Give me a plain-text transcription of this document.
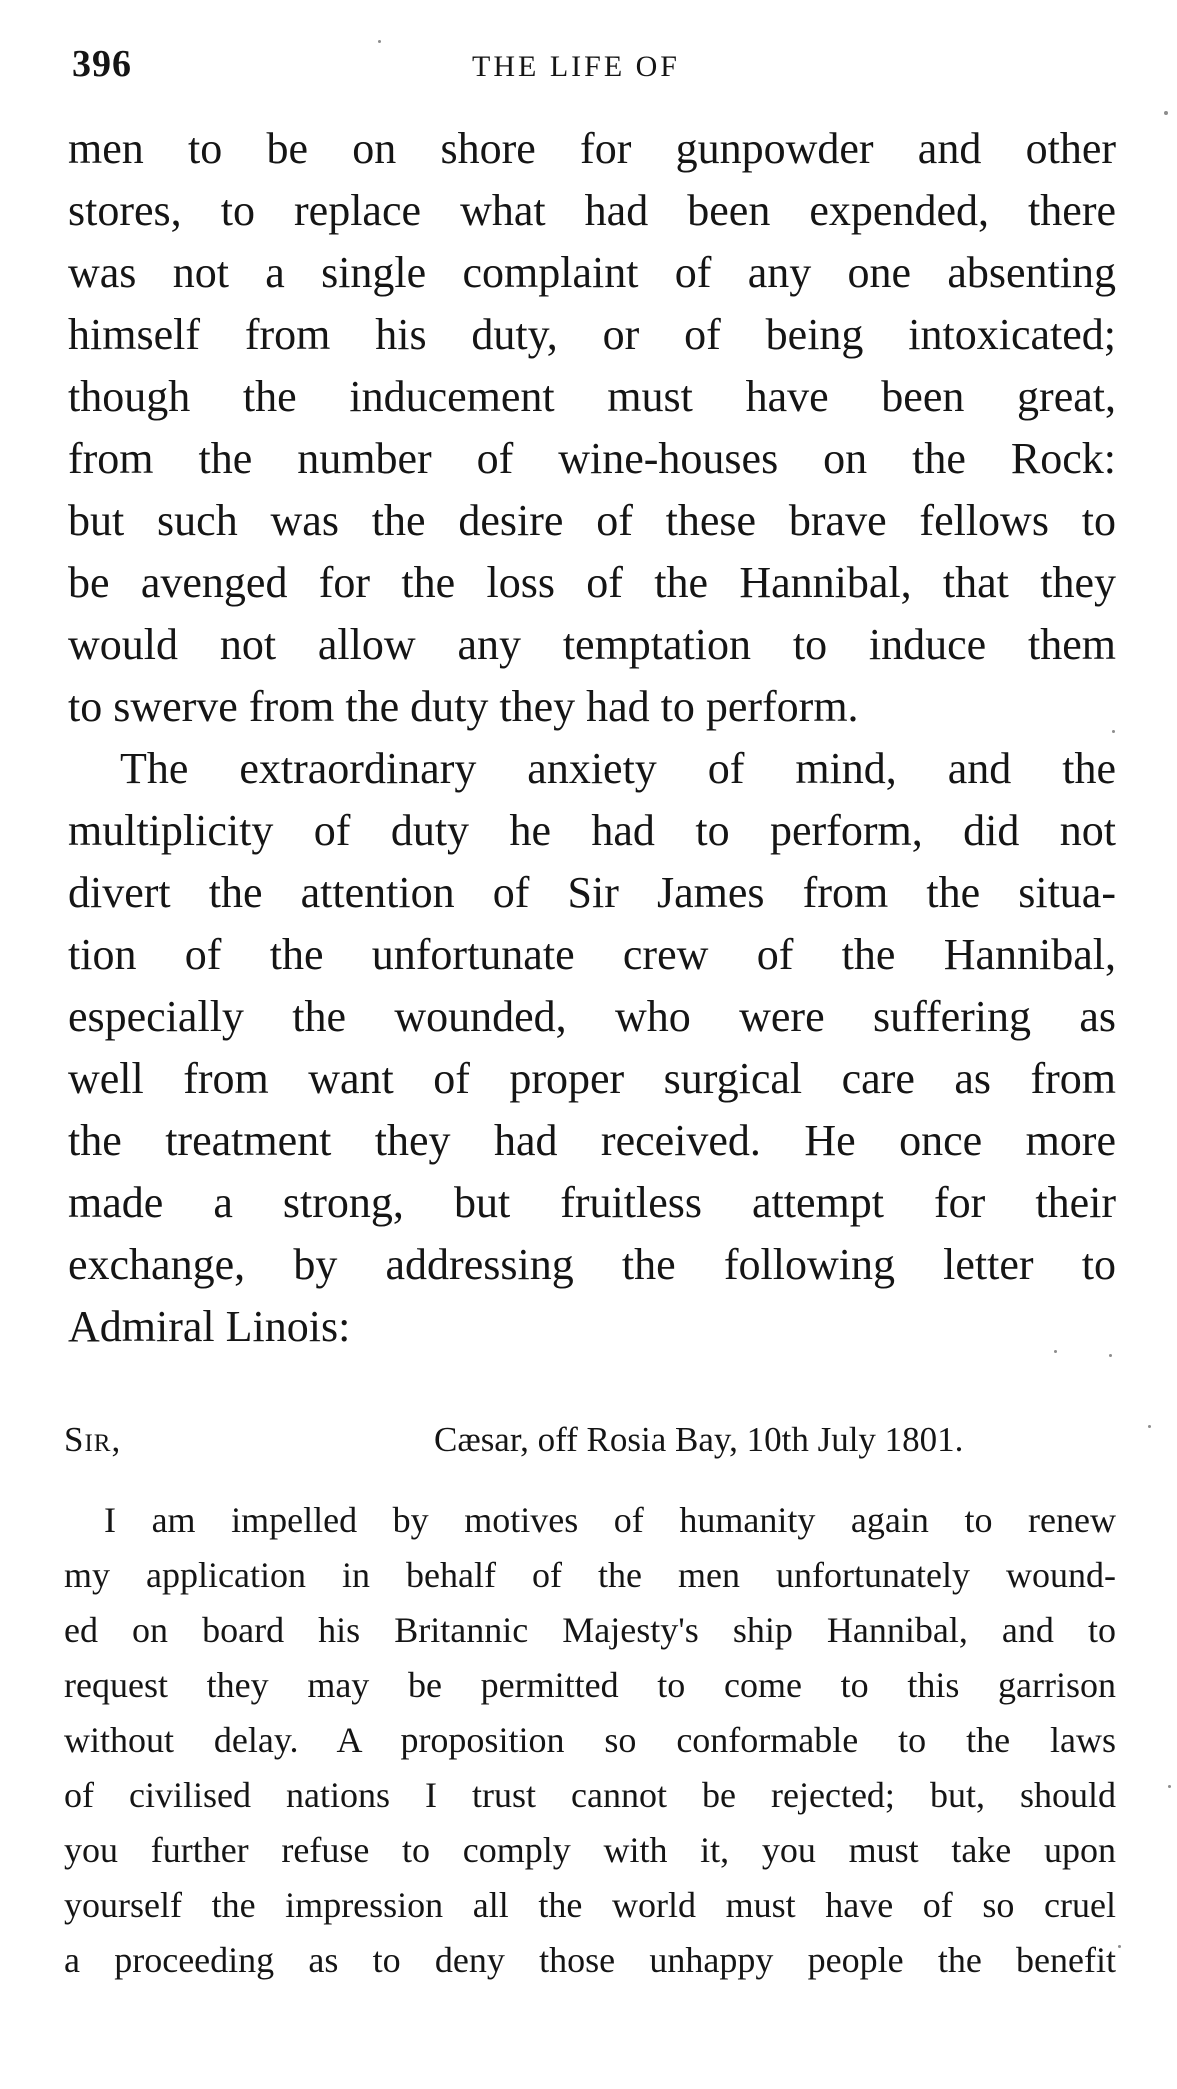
396	THE LIFE OF
men to be on shore for gunpowder and other
stores, to replace what had been expended, there
was not a single complaint of any one absenting
himself from his duty, or of being intoxicated;
though the inducement must have been great,
from the number of wine-houses on the Rock:
but such was the desire of these brave fellows to
be avenged for the loss of the Hannibal, that they
would not allow any temptation to induce them
to swerve from the duty they had to perform.
The extraordinary anxiety of mind, and the
multiplicity of duty he had to perform, did not
divert the attention of Sir James from the situa-
tion of the unfortunate crew of the Hannibal,
especially the wounded, who were suffering as
well from want of proper surgical care as from
the treatment they had received. He once more
made a strong, but fruitless attempt for their
exchange, by addressing the following letter to
Admiral Linois:
Sir,	Cæsar, off Rosia Bay, 10th July 1801.
I am impelled by motives of humanity again to renew
my application in behalf of the men unfortunately wound-
ed on board his Britannic Majesty's ship Hannibal, and to
request they may be permitted to come to this garrison
without delay. A proposition so conformable to the laws
of civilised nations I trust cannot be rejected; but, should
you further refuse to comply with it, you must take upon
yourself the impression all the world must have of so cruel
a proceeding as to deny those unhappy people the benefit
